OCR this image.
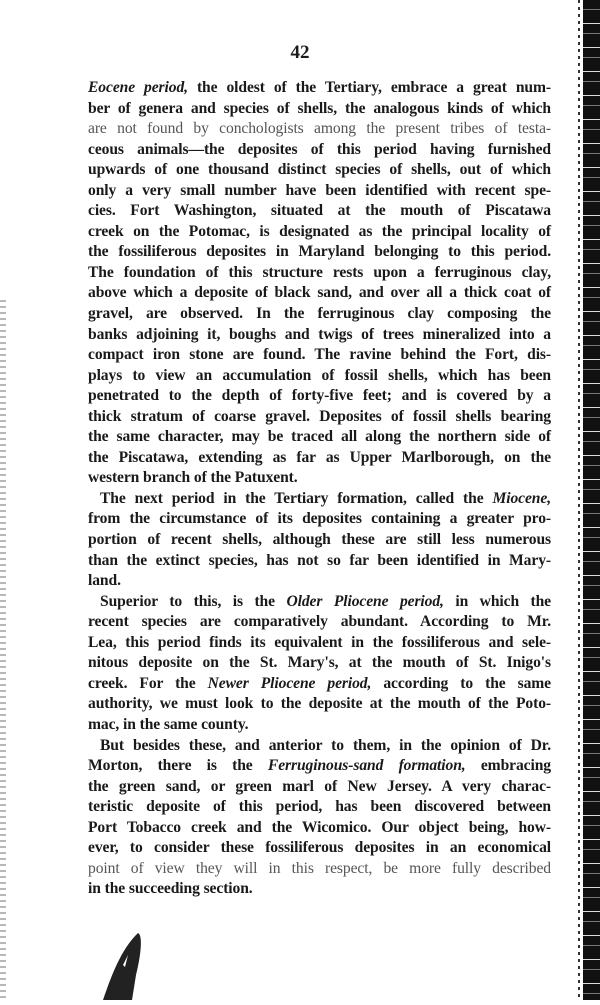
42
Eocene period, the oldest of the Tertiary, embrace a great num-
ber of genera and species of shells, the analogous kinds of which
are not found by conchologists among the present tribes of testa-
ceous animals—the deposites of this period having furnished
upwards of one thousand distinct species of shells, out of which
only a very small number have been identified with recent spe-
cies. Fort Washington, situated at the mouth of Piscatawa
creek on the Potomac, is designated as the principal locality of
the fossiliferous deposites in Maryland belonging to this period.
The foundation of this structure rests upon a ferruginous clay,
above which a deposite of black sand, and over all a thick coat of
gravel, are observed. In the ferruginous clay composing the
banks adjoining it, boughs and twigs of trees mineralized into a
compact iron stone are found. The ravine behind the Fort, dis-
plays to view an accumulation of fossil shells, which has been
penetrated to the depth of forty-five feet; and is covered by a
thick stratum of coarse gravel. Deposites of fossil shells bearing
the same character, may be traced all along the northern side of
the Piscatawa, extending as far as Upper Marlborough, on the
western branch of the Patuxent.
The next period in the Tertiary formation, called the Miocene,
from the circumstance of its deposites containing a greater pro-
portion of recent shells, although these are still less numerous
than the extinct species, has not so far been identified in Mary-
land.
Superior to this, is the Older Pliocene period, in which the
recent species are comparatively abundant. According to Mr.
Lea, this period finds its equivalent in the fossiliferous and sele-
nitous deposite on the St. Mary's, at the mouth of St. Inigo's
creek. For the Newer Pliocene period, according to the same
authority, we must look to the deposite at the mouth of the Poto-
mac, in the same county.
But besides these, and anterior to them, in the opinion of Dr.
Morton, there is the Ferruginous-sand formation, embracing
the green sand, or green marl of New Jersey. A very charac-
teristic deposite of this period, has been discovered between
Port Tobacco creek and the Wicomico. Our object being, how-
ever, to consider these fossiliferous deposites in an economical
point of view they will in this respect, be more fully described
in the succeeding section.
